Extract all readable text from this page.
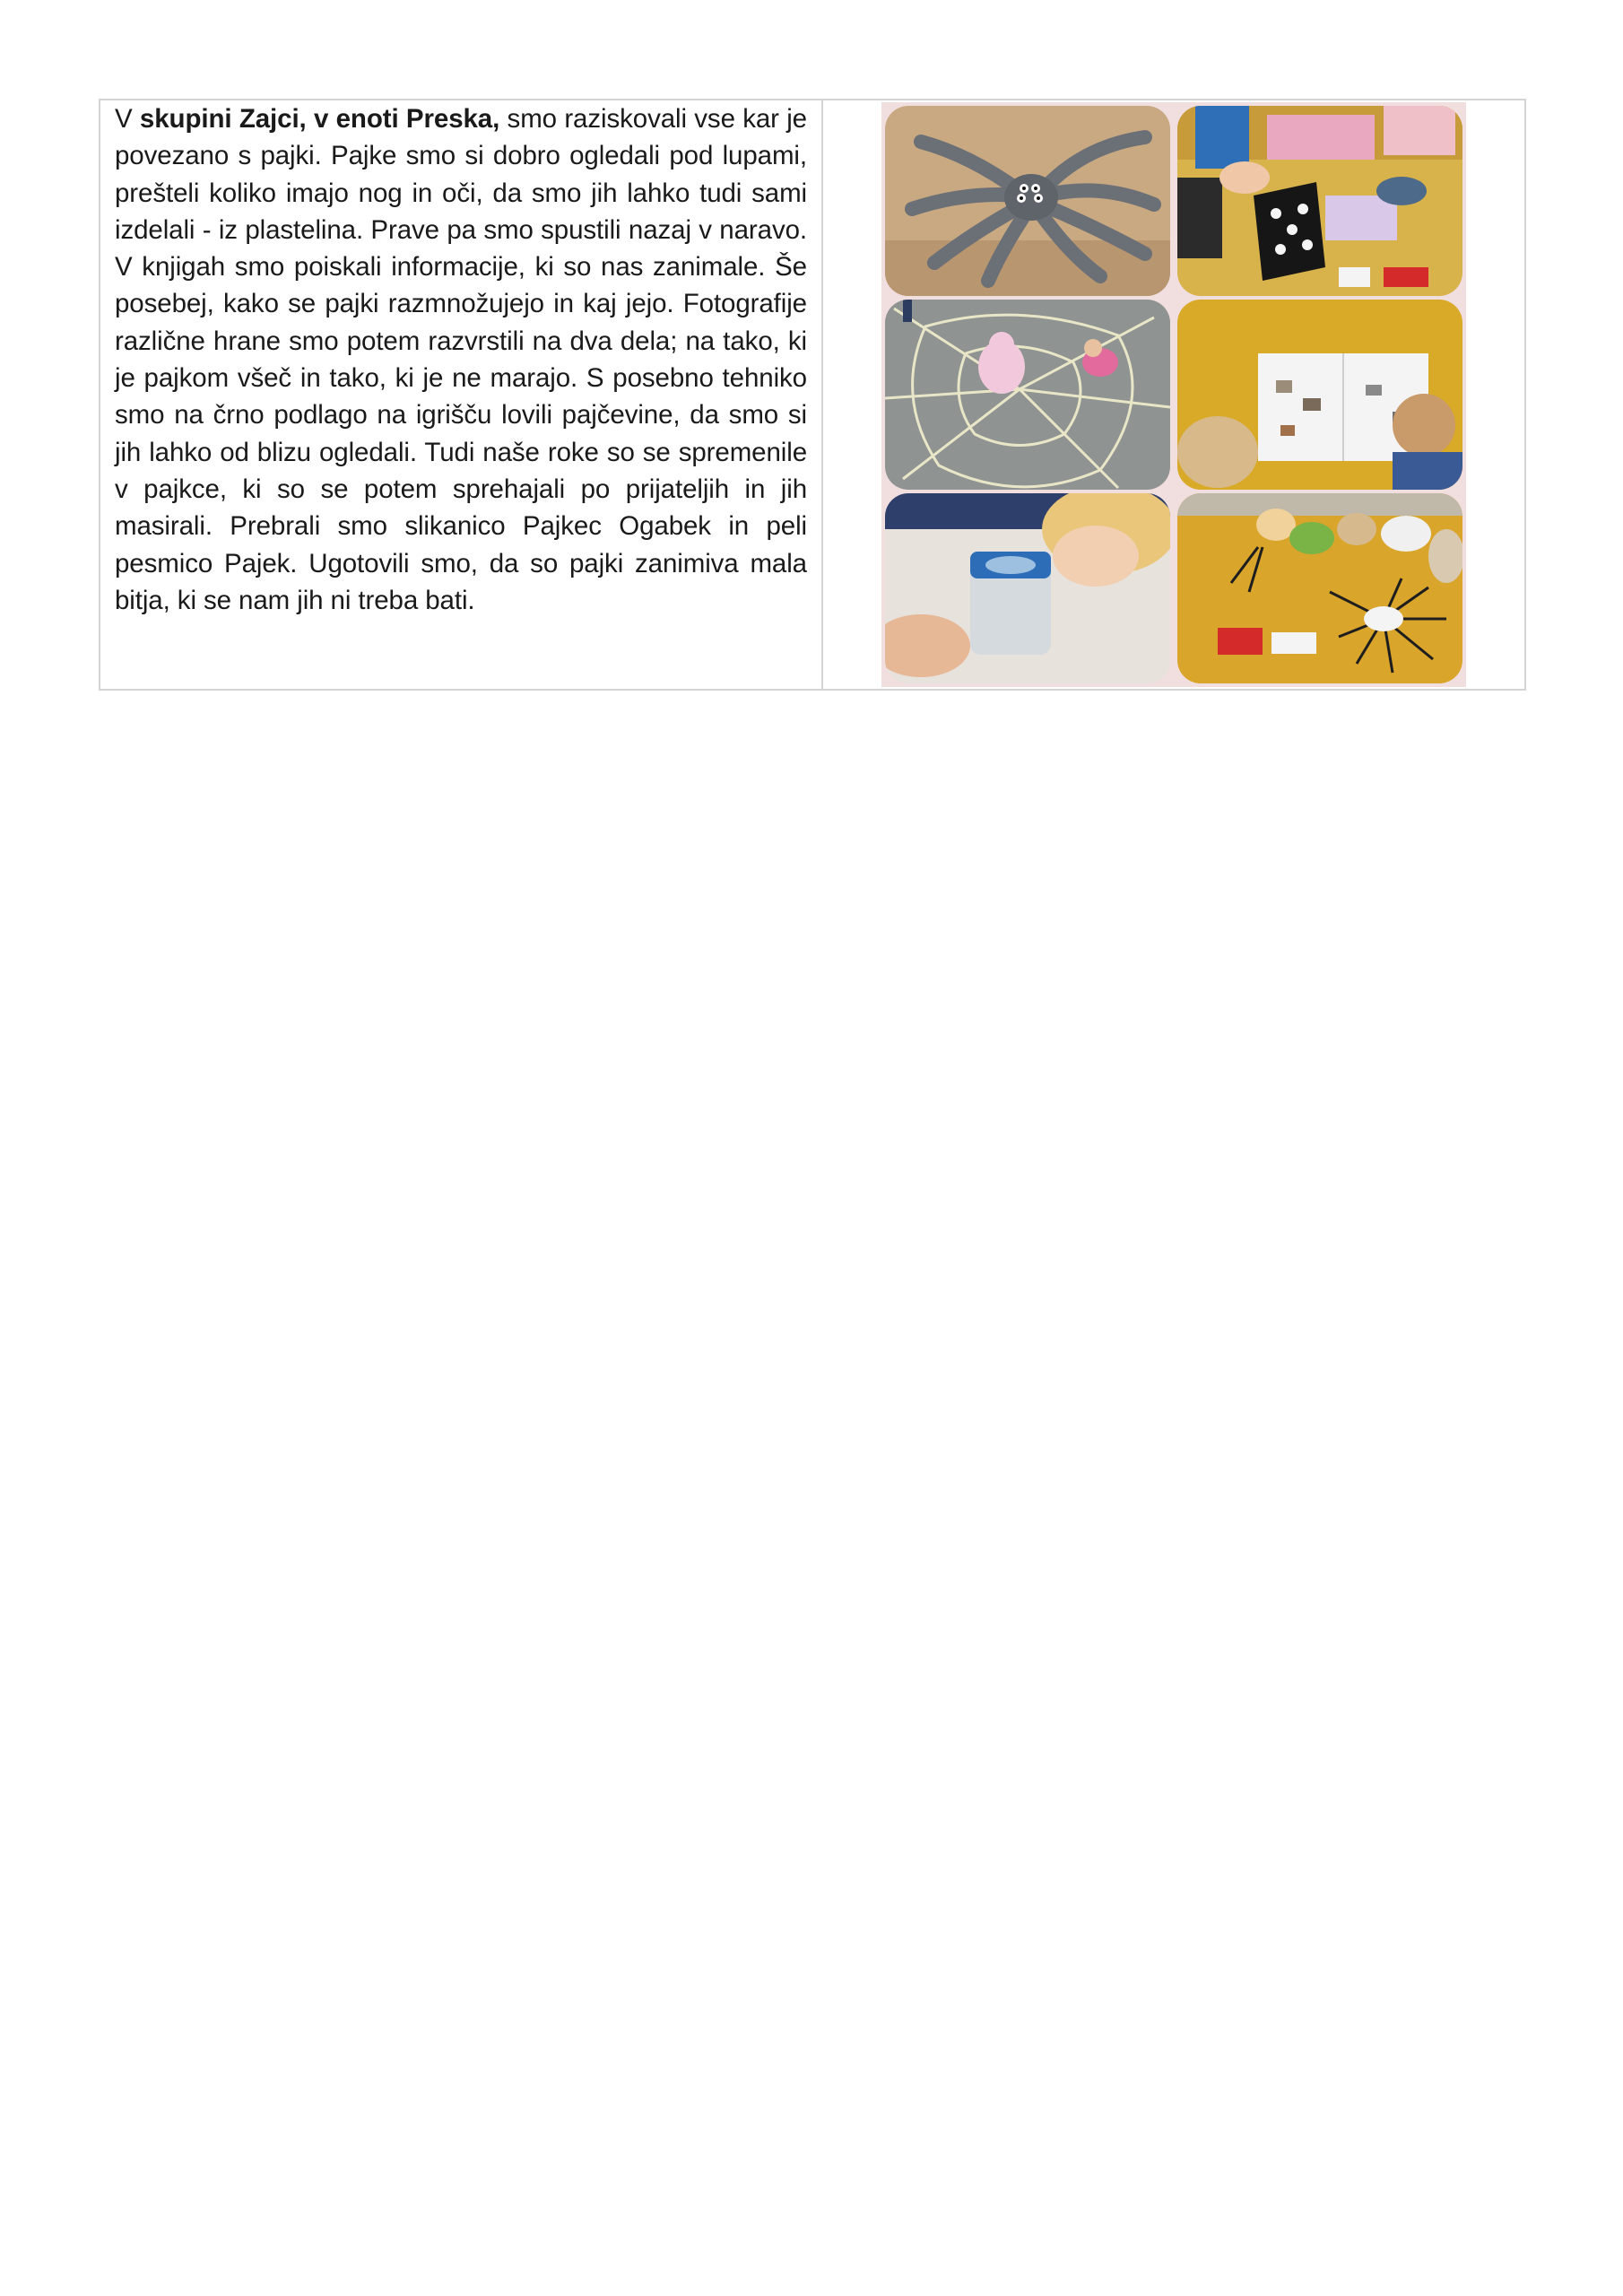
V skupini Zajci, v enoti Preska, smo raziskovali vse kar je povezano s pajki. Pajke smo si dobro ogledali pod lupami, prešteli koliko imajo nog in oči, da smo jih lahko tudi sami izdelali - iz plastelina. Prave pa smo spustili nazaj v naravo. V knjigah smo poiskali informacije, ki so nas zanimale. Še posebej, kako se pajki razmnožujejo in kaj jejo. Fotografije različne hrane smo potem razvrstili na dva dela; na tako, ki je pajkom všeč in tako, ki je ne marajo. S posebno tehniko smo na črno podlago na igrišču lovili pajčevine, da smo si jih lahko od blizu ogledali. Tudi naše roke so se spremenile v pajkce, ki so se potem sprehajali po prijateljih in jih masirali. Prebrali smo slikanico Pajkec Ogabek in peli pesmico Pajek. Ugotovili smo, da so pajki zanimiva mala bitja, ki se nam jih ni treba bati.
